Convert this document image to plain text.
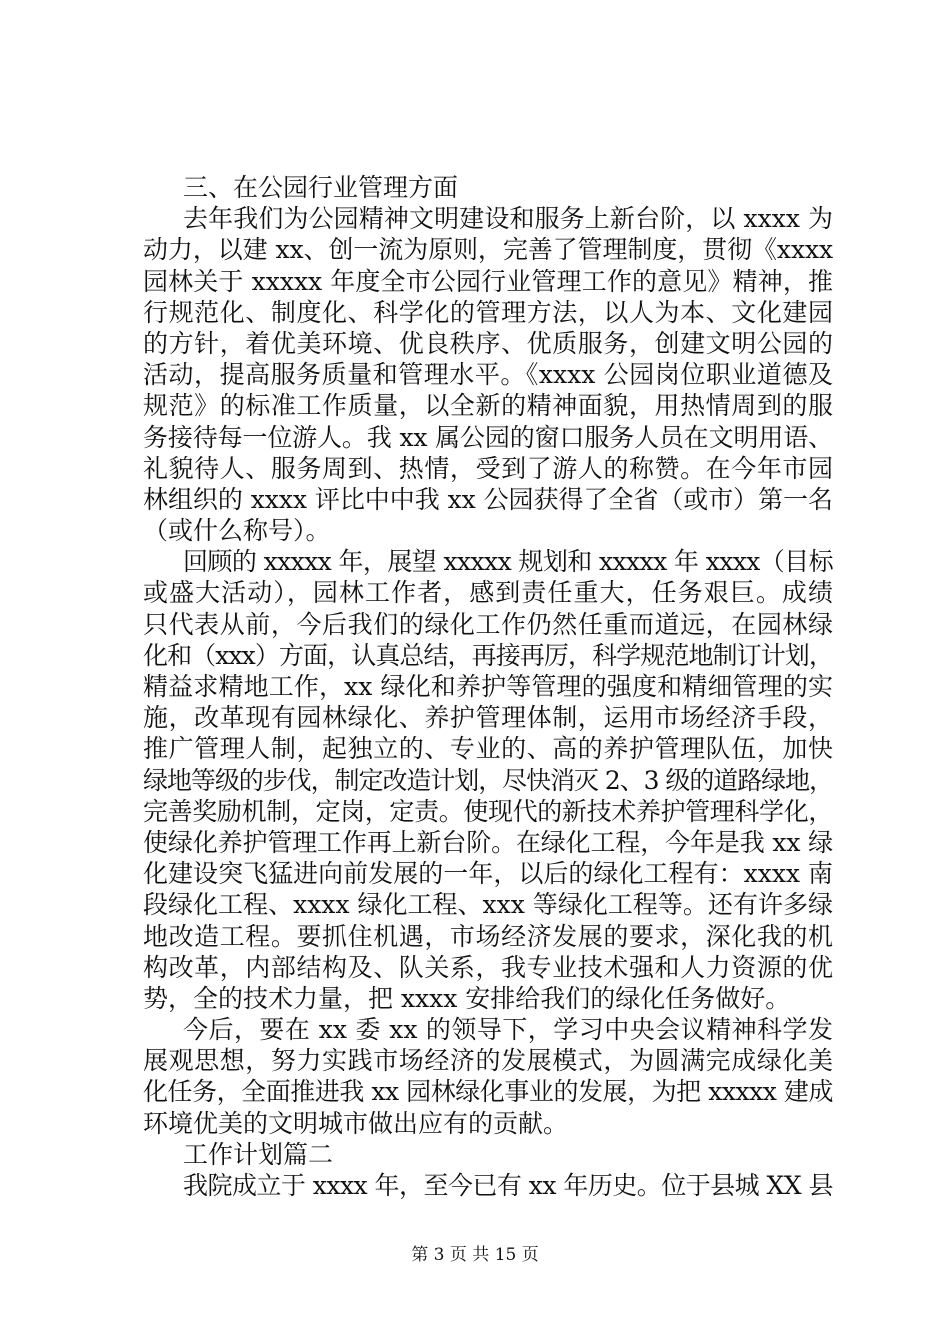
三、在公园行业管理方面
去年我们为公园精神文明建设和服务上新台阶，以 xxxx 为
动力，以建 xx、创一流为原则，完善了管理制度，贯彻《xxxx
园林关于 xxxxx 年度全市公园行业管理工作的意见》精神，推
行规范化、制度化、科学化的管理方法，以人为本、文化建园
的方针，着优美环境、优良秩序、优质服务，创建文明公园的
活动，提高服务质量和管理水平。《xxxx 公园岗位职业道德及
规范》的标准工作质量，以全新的精神面貌，用热情周到的服
务接待每一位游人。我 xx 属公园的窗口服务人员在文明用语、
礼貌待人、服务周到、热情，受到了游人的称赞。在今年市园
林组织的 xxxx 评比中中我 xx 公园获得了全省（或市）第一名
（或什么称号）。
回顾的 xxxxx 年，展望 xxxxx 规划和 xxxxx 年 xxxx（目标
或盛大活动），园林工作者，感到责任重大，任务艰巨。成绩
只代表从前，今后我们的绿化工作仍然任重而道远，在园林绿
化和（xxx）方面，认真总结，再接再厉，科学规范地制订计划，
精益求精地工作，xx 绿化和养护等管理的强度和精细管理的实
施，改革现有园林绿化、养护管理体制，运用市场经济手段，
推广管理人制，起独立的、专业的、高的养护管理队伍，加快
绿地等级的步伐，制定改造计划，尽快消灭 2、3 级的道路绿地，
完善奖励机制，定岗，定责。使现代的新技术养护管理科学化，
使绿化养护管理工作再上新台阶。在绿化工程，今年是我 xx 绿
化建设突飞猛进向前发展的一年，以后的绿化工程有：xxxx 南
段绿化工程、xxxx 绿化工程、xxx 等绿化工程等。还有许多绿
地改造工程。要抓住机遇，市场经济发展的要求，深化我的机
构改革，内部结构及、队关系，我专业技术强和人力资源的优
势，全的技术力量，把 xxxx 安排给我们的绿化任务做好。
今后，要在 xx 委 xx 的领导下，学习中央会议精神科学发
展观思想，努力实践市场经济的发展模式，为圆满完成绿化美
化任务，全面推进我 xx 园林绿化事业的发展，为把 xxxxx 建成
环境优美的文明城市做出应有的贡献。
工作计划篇二
我院成立于 xxxx 年，至今已有 xx 年历史。位于县城 XX 县
第 3 页 共 15 页
